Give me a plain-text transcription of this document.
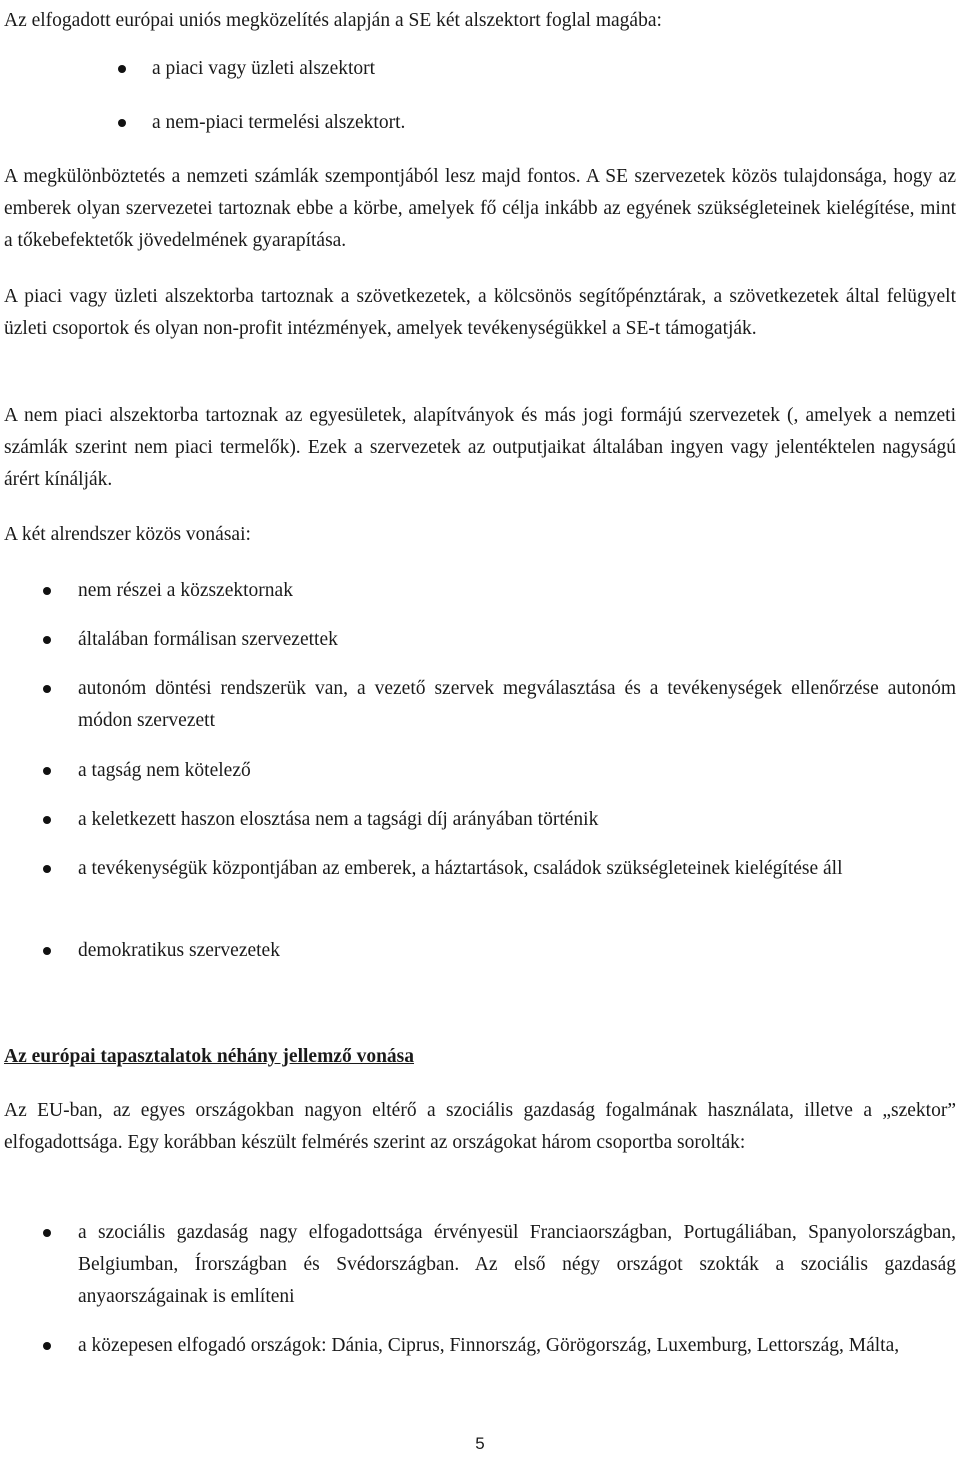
Az elfogadott európai uniós megközelítés alapján a SE két alszektort foglal magába:

a piaci vagy üzleti alszektort
a nem-piaci termelési alszektort.

A megkülönböztetés a nemzeti számlák szempontjából lesz majd fontos. A SE szervezetek közös tulajdonsága, hogy az emberek olyan szervezetei tartoznak ebbe a körbe, amelyek fő célja inkább az egyének szükségleteinek kielégítése, mint a tőkebefektetők jövedelmének gyarapítása.

A piaci vagy üzleti alszektorba tartoznak a szövetkezetek, a kölcsönös segítőpénztárak, a szövetkezetek által felügyelt üzleti csoportok és olyan non-profit intézmények, amelyek tevékenységükkel a SE-t támogatják.

A nem piaci alszektorba tartoznak az egyesületek, alapítványok és más jogi formájú szervezetek (, amelyek a nemzeti számlák szerint nem piaci termelők). Ezek a szervezetek az outputjaikat általában ingyen vagy jelentéktelen nagyságú árért kínálják.

A két alrendszer közös vonásai:

nem részei a közszektornak
általában formálisan szervezettek
autonóm döntési rendszerük van, a vezető szervek megválasztása és a tevékenységek ellenőrzése autonóm módon szervezett
a tagság nem kötelező
a keletkezett haszon elosztása nem a tagsági díj arányában történik
a tevékenységük központjában az emberek, a háztartások, családok szükségleteinek kielégítése áll
demokratikus szervezetek
Az európai tapasztalatok néhány jellemző vonása

Az EU-ban, az egyes országokban nagyon eltérő a szociális gazdaság fogalmának használata, illetve a „szektor” elfogadottsága. Egy korábban készült felmérés szerint az országokat három csoportba sorolták:

a szociális gazdaság nagy elfogadottsága érvényesül Franciaországban, Portugáliában, Spanyolországban, Belgiumban, Írországban és Svédországban. Az első négy országot szokták a szociális gazdaság anyaországainak is említeni
a közepesen elfogadó országok: Dánia, Ciprus, Finnország, Görögország, Luxemburg, Lettország, Málta,
5
